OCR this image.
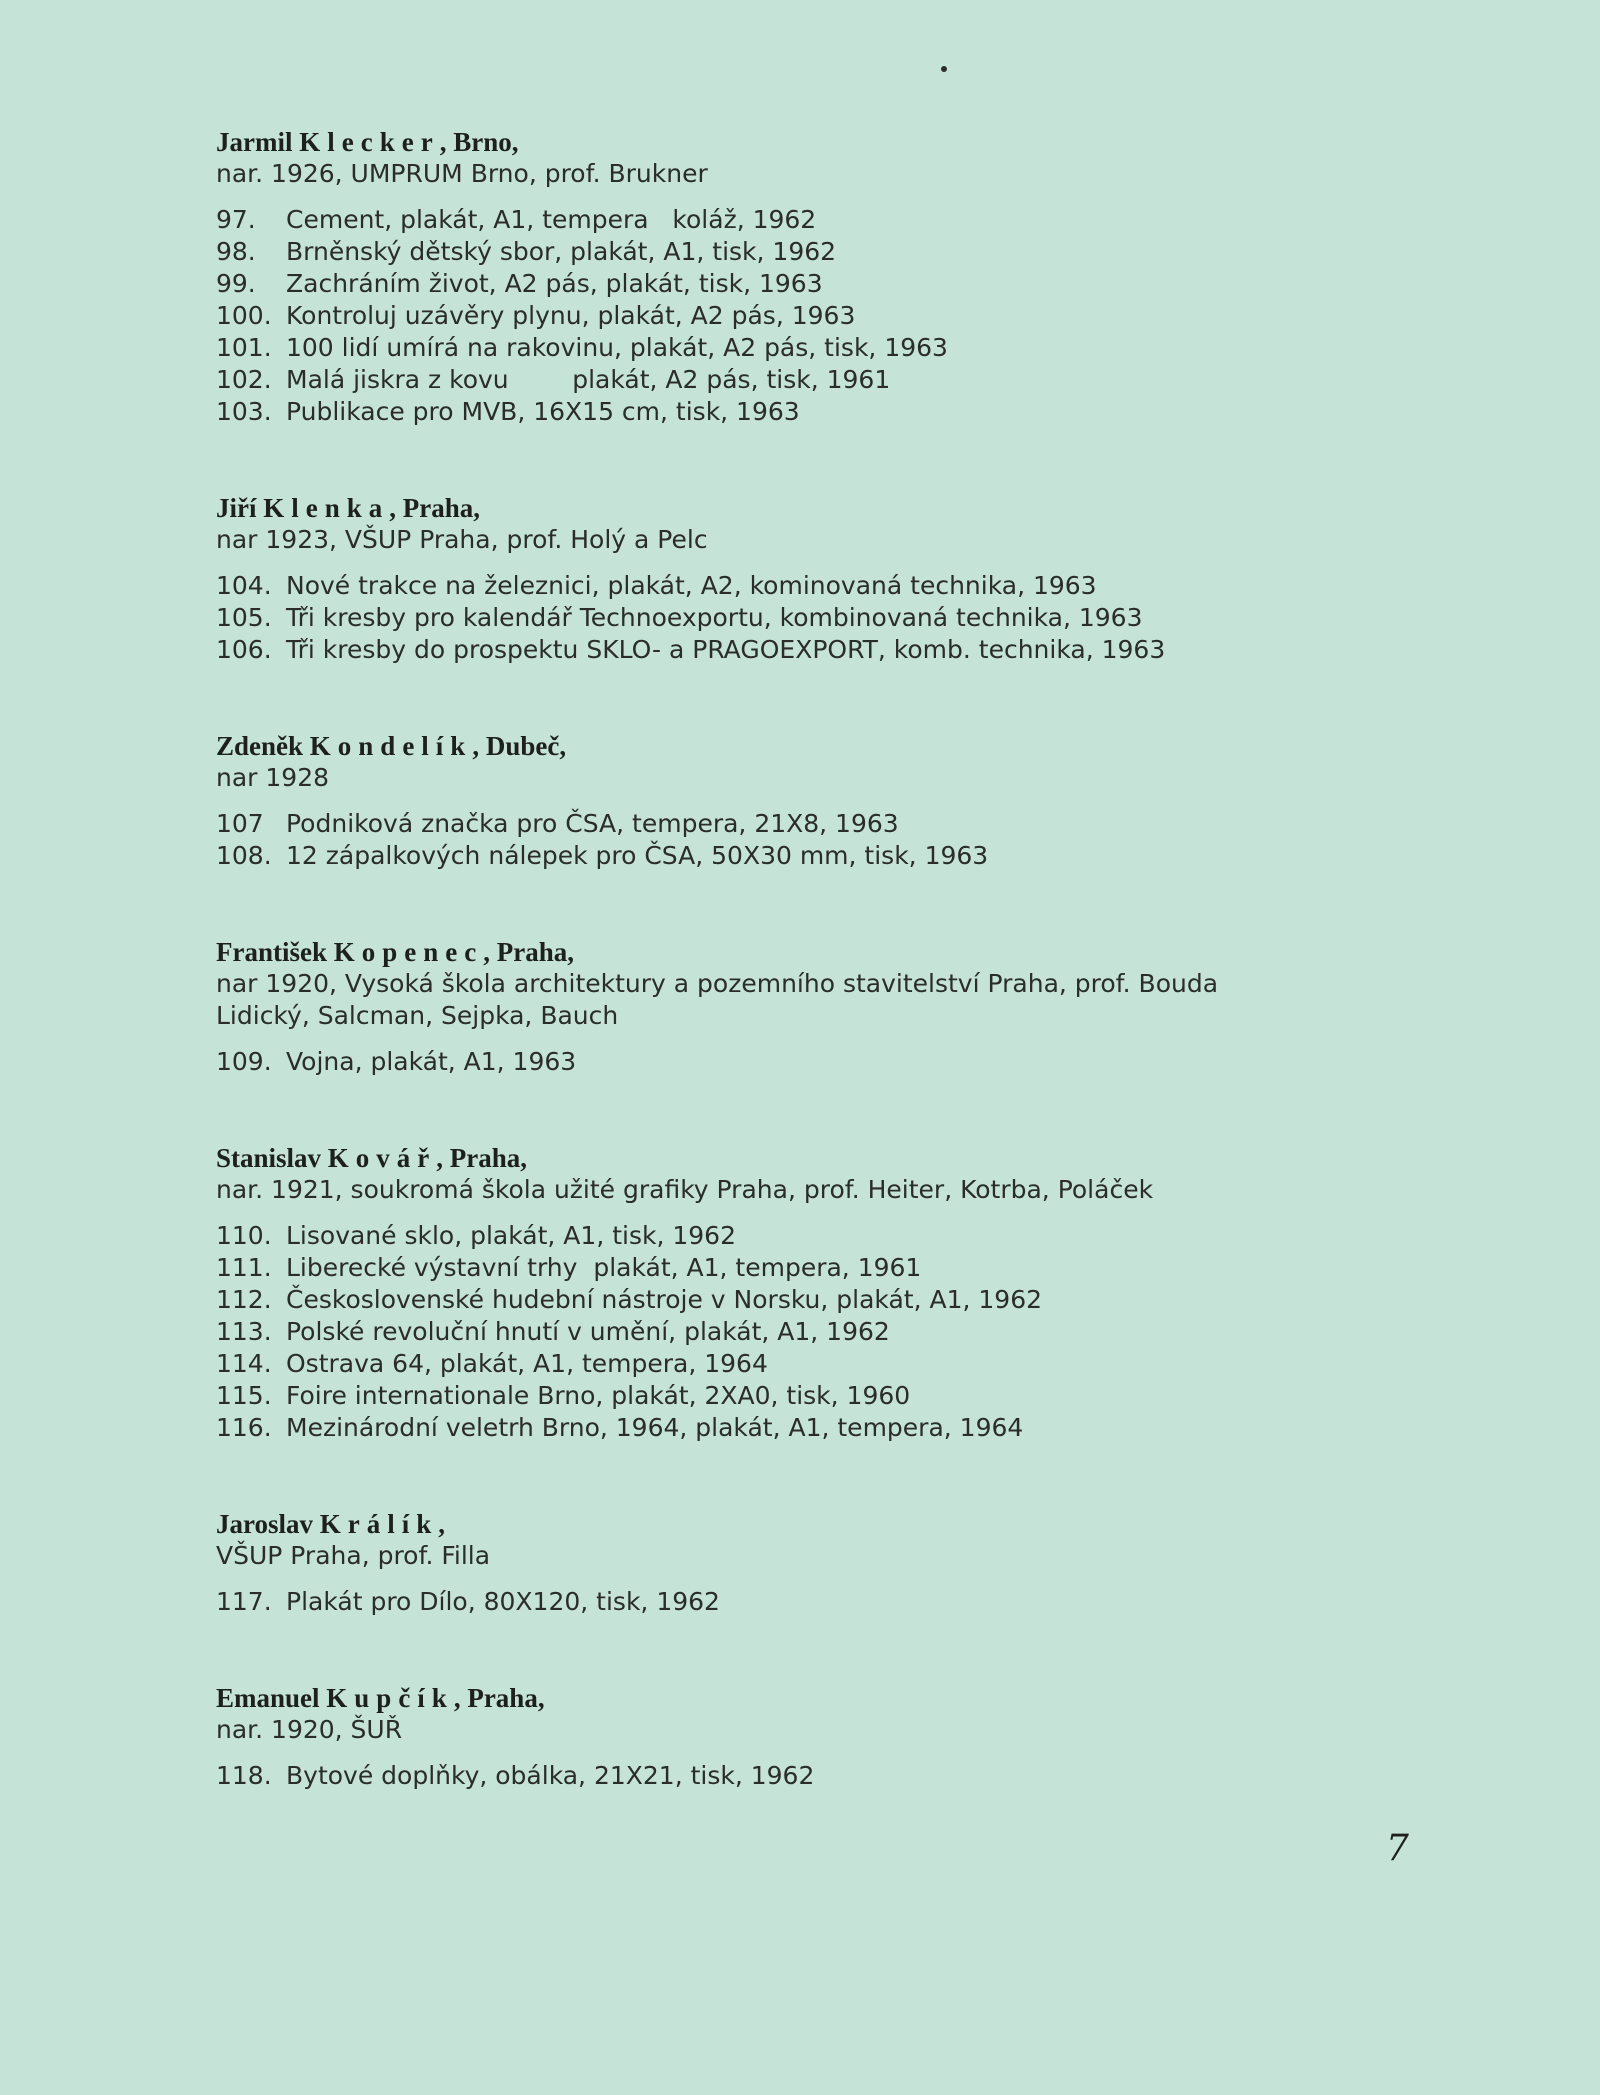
Jarmil Klecker, Brno,
nar. 1926, UMPRUM Brno, prof. Brukner
97. Cement, plakát, A1, tempera   koláž, 1962
98. Brněnský dětský sbor, plakát, A1, tisk, 1962
99. Zachráním život, A2 pás, plakát, tisk, 1963
100. Kontroluj uzávěry plynu, plakát, A2 pás, 1963
101. 100 lidí umírá na rakovinu, plakát, A2 pás, tisk, 1963
102. Malá jiskra z kovu        plakát, A2 pás, tisk, 1961
103. Publikace pro MVB, 16X15 cm, tisk, 1963
Jiří Klenka, Praha,
nar 1923, VŠUP Praha, prof. Holý a Pelc
104. Nové trakce na železnici, plakát, A2, kominovaná technika, 1963
105. Tři kresby pro kalendář Technoexportu, kombinovaná technika, 1963
106. Tři kresby do prospektu SKLO- a PRAGOEXPORT, komb. technika, 1963
Zdeněk Kondelík, Dubeč,
nar 1928
107 Podniková značka pro ČSA, tempera, 21X8, 1963
108. 12 zápalkových nálepek pro ČSA, 50X30 mm, tisk, 1963
František Kopenec, Praha,
nar 1920, Vysoká škola architektury a pozemního stavitelství Praha, prof. Bouda
Lidický, Salcman, Sejpka, Bauch
109. Vojna, plakát, A1, 1963
Stanislav Kovář, Praha,
nar. 1921, soukromá škola užité grafiky Praha, prof. Heiter, Kotrba, Poláček
110. Lisované sklo, plakát, A1, tisk, 1962
111. Liberecké výstavní trhy  plakát, A1, tempera, 1961
112. Československé hudební nástroje v Norsku, plakát, A1, 1962
113. Polské revoluční hnutí v umění, plakát, A1, 1962
114. Ostrava 64, plakát, A1, tempera, 1964
115. Foire internationale Brno, plakát, 2XA0, tisk, 1960
116. Mezinárodní veletrh Brno, 1964, plakát, A1, tempera, 1964
Jaroslav Králík,
VŠUP Praha, prof. Filla
117. Plakát pro Dílo, 80X120, tisk, 1962
Emanuel Kupčík, Praha,
nar. 1920, ŠUŘ
118. Bytové doplňky, obálka, 21X21, tisk, 1962
7
